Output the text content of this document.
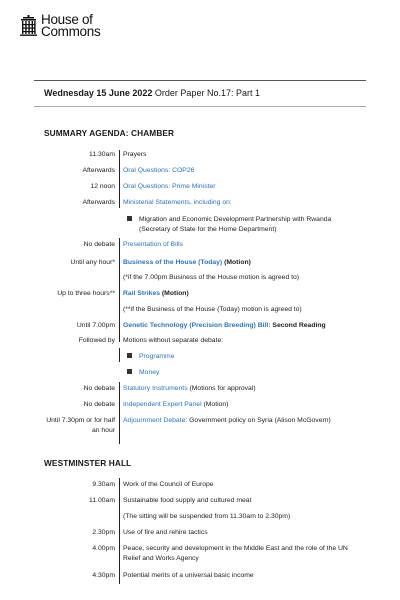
House of
Commons
Wednesday 15 June 2022 Order Paper No.17: Part 1
SUMMARY AGENDA: CHAMBER
11.30am Prayers
Afterwards Oral Questions: COP26
12 noon Oral Questions: Prime Minister
Afterwards Ministerial Statements, including on:
Migration and Economic Development Partnership with Rwanda (Secretary of State for the Home Department)
No debate Presentation of Bills
Until any hour* Business of the House (Today) (Motion)
(*if the 7.00pm Business of the House motion is agreed to)
Up to three hours** Rail Strikes (Motion)
(**if the Business of the House (Today) motion is agreed to)
Until 7.00pm Genetic Technology (Precision Breeding) Bill: Second Reading
Followed by Motions without separate debate:
Programme
Money
No debate Statutory Instruments (Motions for approval)
No debate Independent Expert Panel (Motion)
Until 7.30pm or for half an hour
Adjournment Debate: Government policy on Syria (Alison McGovern)
WESTMINSTER HALL
9.30am Work of the Council of Europe
11.00am Sustainable food supply and cultured meat
(The sitting will be suspended from 11.30am to 2.30pm)
2.30pm Use of fire and rehire tactics
4.00pm Peace, security and development in the Middle East and the role of the UN Relief and Works Agency
4.30pm Potential merits of a universal basic income
